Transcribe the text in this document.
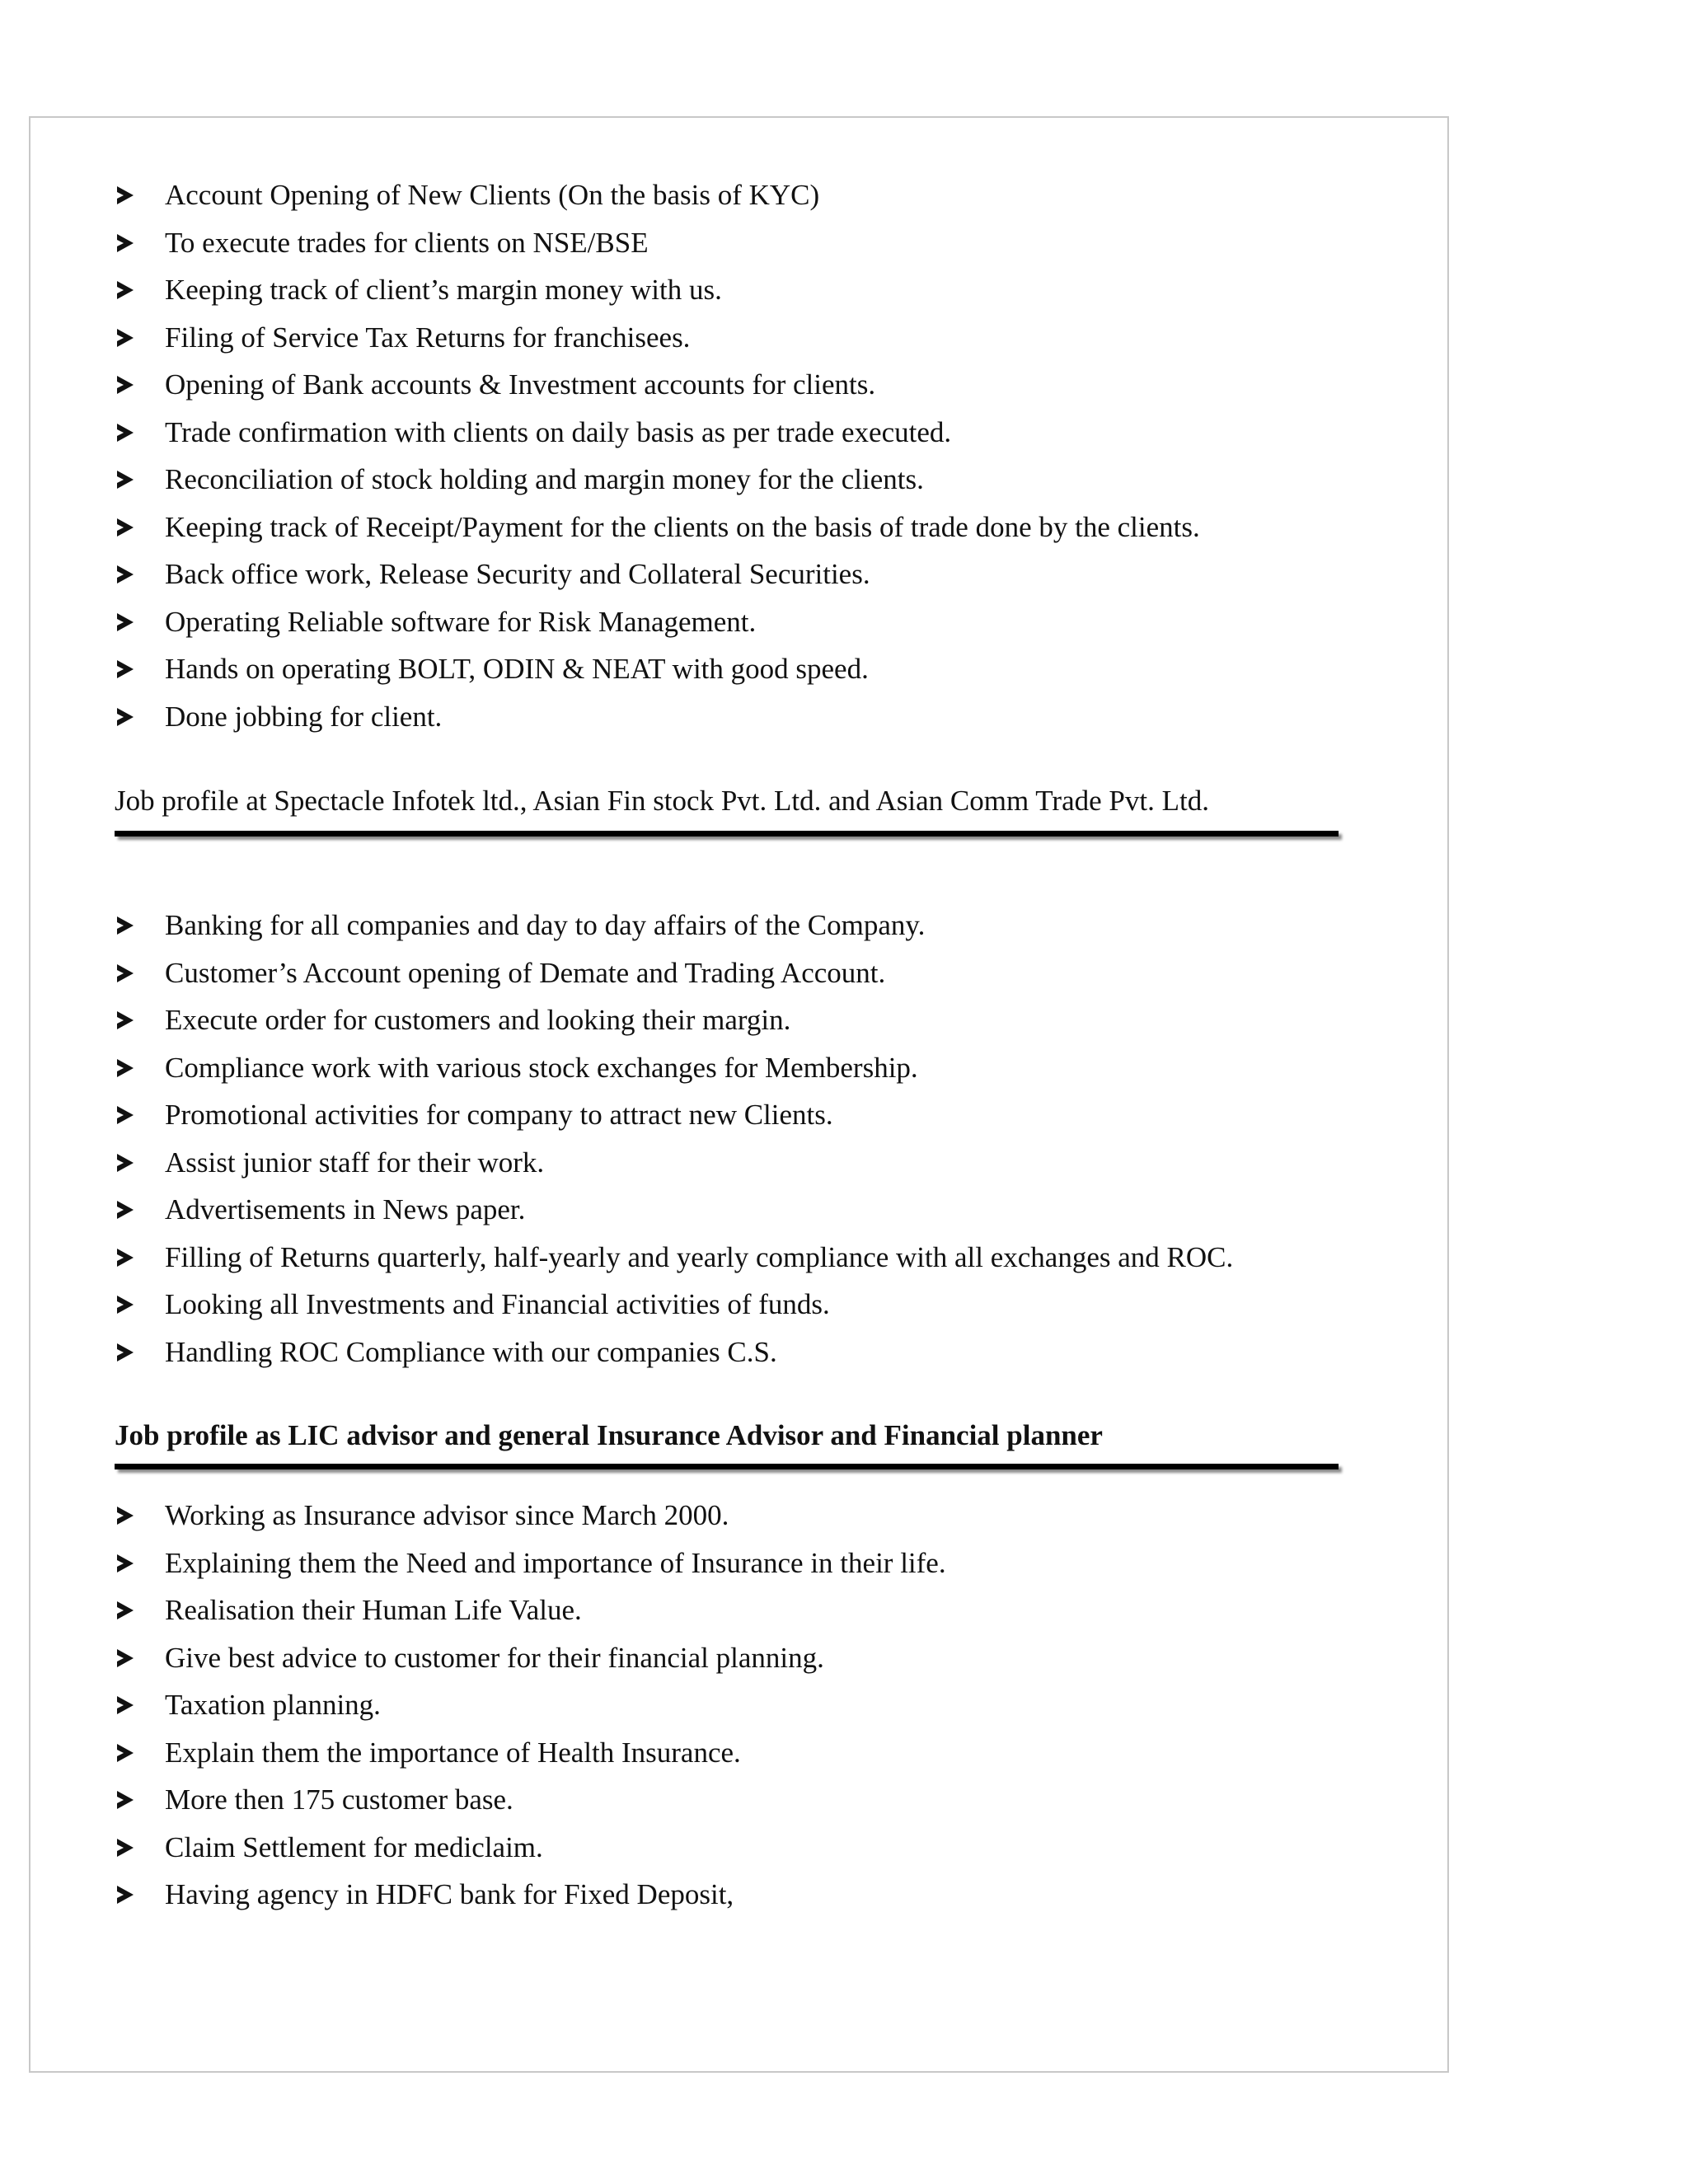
Account Opening of New Clients (On the basis of KYC)
To execute trades for clients on NSE/BSE
Keeping track of client’s margin money with us.
Filing of Service Tax Returns for franchisees.
Opening of Bank accounts & Investment accounts for clients.
Trade confirmation with clients on daily basis as per trade executed.
Reconciliation of stock holding and margin money for the clients.
Keeping track of Receipt/Payment for the clients on the basis of trade done by the clients.
Back office work, Release Security and Collateral Securities.
Operating Reliable software for Risk Management.
Hands on operating BOLT, ODIN & NEAT with good speed.
Done jobbing for client.
Job profile at Spectacle Infotek ltd., Asian Fin stock Pvt. Ltd. and Asian Comm Trade Pvt. Ltd.
Banking for all companies and day to day affairs of the Company.
Customer’s Account opening of Demate and Trading Account.
Execute order for customers and looking their margin.
Compliance work with various stock exchanges for Membership.
Promotional activities for company to attract new Clients.
Assist junior staff for their work.
Advertisements in News paper.
Filling of Returns quarterly, half-yearly and yearly compliance with all exchanges and ROC.
Looking all Investments and Financial activities of funds.
Handling ROC Compliance with our companies C.S.
Job profile as LIC advisor and general Insurance Advisor and Financial planner
Working as Insurance advisor since March 2000.
Explaining them the Need and importance of Insurance in their life.
Realisation their Human Life Value.
Give best advice to customer for their financial planning.
Taxation planning.
Explain them the importance of Health Insurance.
More then 175 customer base.
Claim Settlement for mediclaim.
Having agency in HDFC bank for Fixed Deposit,
